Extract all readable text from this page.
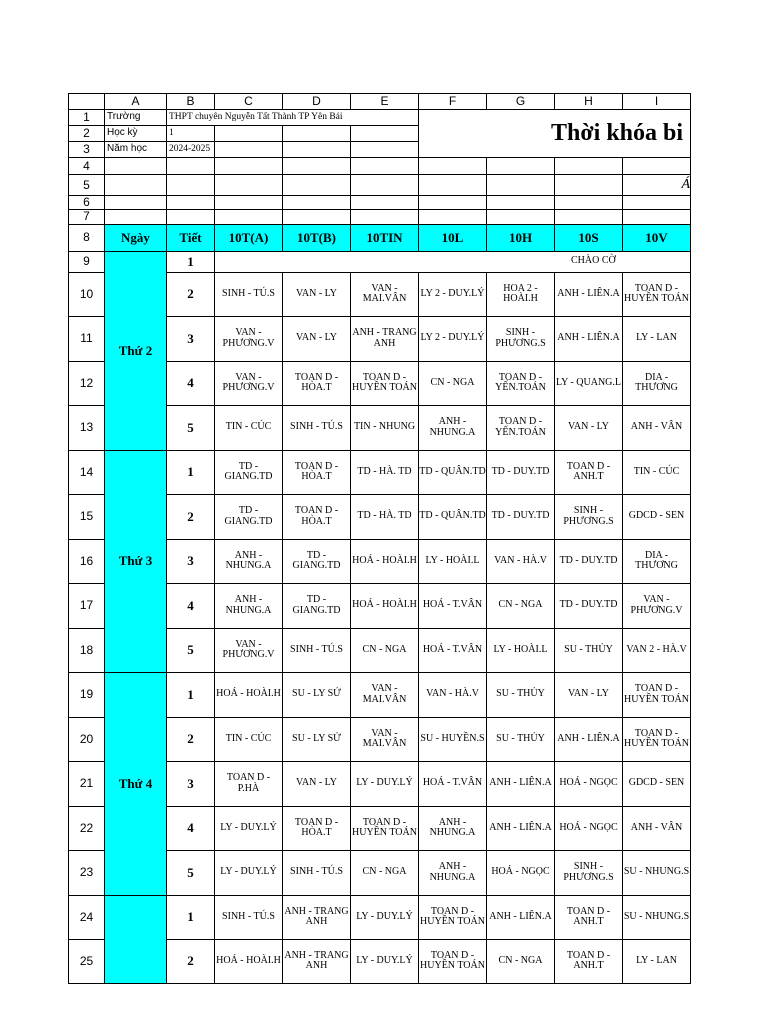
	A	B	C	D	E	F	G	H	I
1	Trường	THPT chuyên Nguyễn Tất Thành TP Yên Bái				Thời khóa bi			
2	Học kỳ	1							
3	Năm học	2024-2025							
4									
5									Á
6									
7									
8	Ngày	Tiết	10T(A)	10T(B)	10TIN	10L	10H	10S	10V
9	Thứ 2	1	CHÀO CỜ						
10		2	SINH - TÚ.S	VAN - LY	VAN - MAI.VÂN	LY 2 - DUY.LÝ	HOA 2 - HOÀI.H	ANH - LIÊN.A	TOAN D - HUYỀN TOÁN
11		3	VAN - PHƯƠNG.V	VAN - LY	ANH - TRANG ANH	LY 2 - DUY.LÝ	SINH - PHƯƠNG.S	ANH - LIÊN.A	LY - LAN
12		4	VAN - PHƯƠNG.V	TOAN D - HÒA.T	TOAN D - HUYỀN TOÁN	CN - NGA	TOAN D - YẾN.TOÁN	LY - QUANG.L	DIA - THƯƠNG
13		5	TIN - CÚC	SINH - TÚ.S	TIN - NHUNG	ANH - NHUNG.A	TOAN D - YẾN.TOÁN	VAN - LY	ANH - VÂN
14	Thứ 3	1	TD - GIANG.TD	TOAN D - HÒA.T	TD - HÀ. TD	TD - QUÂN.TD	TD - DUY.TD	TOAN D - ANH.T	TIN - CÚC
15		2	TD - GIANG.TD	TOAN D - HÒA.T	TD - HÀ. TD	TD - QUÂN.TD	TD - DUY.TD	SINH - PHƯƠNG.S	GDCD - SEN
16		3	ANH - NHUNG.A	TD - GIANG.TD	HOÁ - HOÀI.H	LY - HOÀI.L	VAN - HÀ.V	TD - DUY.TD	DIA - THƯƠNG
17		4	ANH - NHUNG.A	TD - GIANG.TD	HOÁ - HOÀI.H	HOÁ - T.VÂN	CN - NGA	TD - DUY.TD	VAN - PHƯƠNG.V
18		5	VAN - PHƯƠNG.V	SINH - TÚ.S	CN - NGA	HOÁ - T.VÂN	LY - HOÀI.L	SU - THỦY	VAN 2 - HÀ.V
19	Thứ 4	1	HOÁ - HOÀI.H	SU - LY SỬ	VAN - MAI.VÂN	VAN - HÀ.V	SU - THỦY	VAN - LY	TOAN D - HUYỀN TOÁN
20		2	TIN - CÚC	SU - LY SỬ	VAN - MAI.VÂN	SU - HUYỀN.S	SU - THỦY	ANH - LIÊN.A	TOAN D - HUYỀN TOÁN
21		3	TOAN D - P.HÀ	VAN - LY	LY - DUY.LÝ	HOÁ - T.VÂN	ANH - LIÊN.A	HOÁ - NGỌC	GDCD - SEN
22		4	LY - DUY.LÝ	TOAN D - HÒA.T	TOAN D - HUYỀN TOÁN	ANH - NHUNG.A	ANH - LIÊN.A	HOÁ - NGỌC	ANH - VÂN
23		5	LY - DUY.LÝ	SINH - TÚ.S	CN - NGA	ANH - NHUNG.A	HOÁ - NGỌC	SINH - PHƯƠNG.S	SU - NHUNG.S
24		1	SINH - TÚ.S	ANH - TRANG ANH	LY - DUY.LÝ	TOAN D - HUYỀN TOÁN	ANH - LIÊN.A	TOAN D - ANH.T	SU - NHUNG.S
25		2	HOÁ - HOÀI.H	ANH - TRANG ANH	LY - DUY.LÝ	TOAN D - HUYỀN TOÁN	CN - NGA	TOAN D - ANH.T	LY - LAN
